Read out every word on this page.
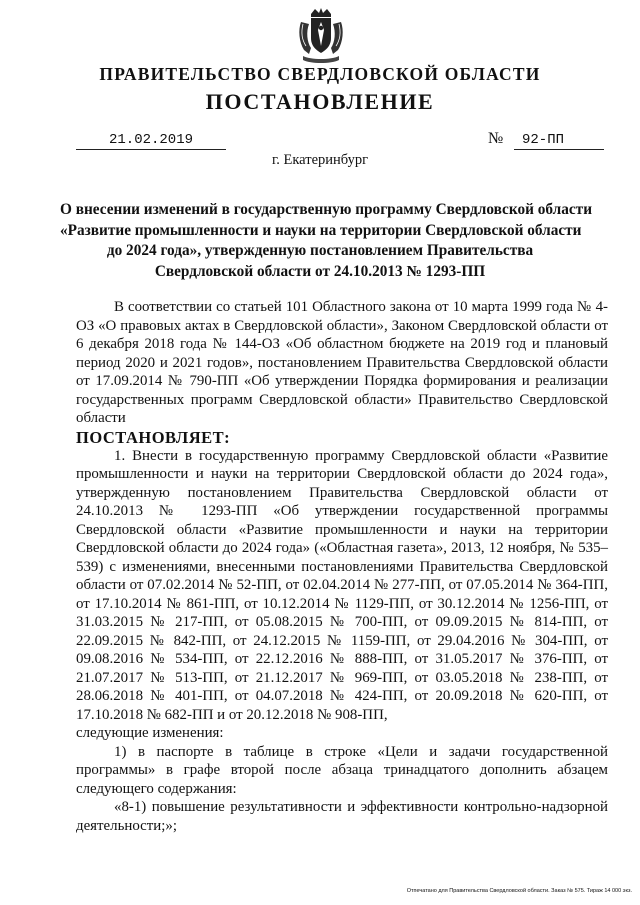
ПРАВИТЕЛЬСТВО СВЕРДЛОВСКОЙ ОБЛАСТИ
ПОСТАНОВЛЕНИЕ
21.02.2019	№	92-ПП
г. Екатеринбург
О внесении изменений в государственную программу Свердловской области
«Развитие промышленности и науки на территории Свердловской области
до 2024 года», утвержденную постановлением Правительства
Свердловской области от 24.10.2013 № 1293-ПП

В соответствии со статьей 101 Областного закона от 10 марта 1999 года № 4-ОЗ «О правовых актах в Свердловской области», Законом Свердловской области от 6 декабря 2018 года № 144-ОЗ «Об областном бюджете на 2019 год и плановый период 2020 и 2021 годов», постановлением Правительства Свердловской области от 17.09.2014 № 790-ПП «Об утверждении Порядка формирования и реализации государственных программ Свердловской области» Правительство Свердловской области

ПОСТАНОВЛЯЕТ:

1. Внести в государственную программу Свердловской области «Развитие промышленности и науки на территории Свердловской области до 2024 года», утвержденную постановлением Правительства Свердловской области от 24.10.2013 № 1293-ПП «Об утверждении государственной программы Свердловской области «Развитие промышленности и науки на территории Свердловской области до 2024 года» («Областная газета», 2013, 12 ноября, № 535–539) с изменениями, внесенными постановлениями Правительства Свердловской области от 07.02.2014 № 52-ПП, от 02.04.2014 № 277-ПП, от 07.05.2014 № 364-ПП, от 17.10.2014 № 861-ПП, от 10.12.2014 № 1129-ПП, от 30.12.2014 № 1256-ПП, от 31.03.2015 № 217-ПП, от 05.08.2015 № 700-ПП, от 09.09.2015 № 814-ПП, от 22.09.2015 № 842-ПП, от 24.12.2015 № 1159-ПП, от 29.04.2016 № 304-ПП, от 09.08.2016 № 534-ПП, от 22.12.2016 № 888-ПП, от 31.05.2017 № 376-ПП, от 21.07.2017 № 513-ПП, от 21.12.2017 № 969-ПП, от 03.05.2018 № 238-ПП, от 28.06.2018 № 401-ПП, от 04.07.2018 № 424-ПП, от 20.09.2018 № 620-ПП, от 17.10.2018 № 682-ПП и от 20.12.2018 № 908-ПП,

следующие изменения:

1) в паспорте в таблице в строке «Цели и задачи государственной программы» в графе второй после абзаца тринадцатого дополнить абзацем следующего содержания:

«8-1) повышение результативности и эффективности контрольно-надзорной деятельности;»;

Отпечатано для Правительства Свердловской области. Заказ № 575. Тираж 14 000 экз.
